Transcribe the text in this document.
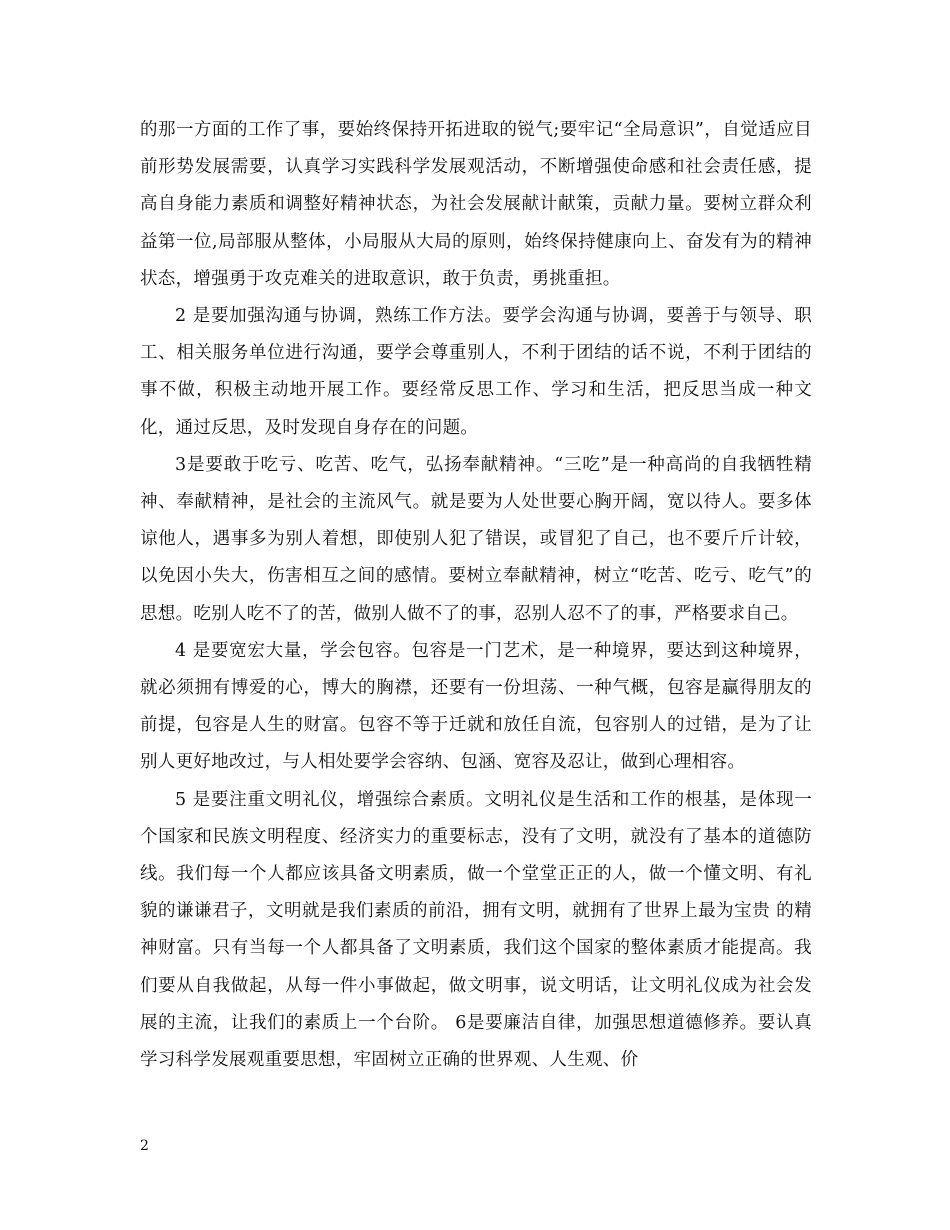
的那一方面的工作了事，要始终保持开拓进取的锐气;要牢记“全局意识”，自觉适应目前形势发展需要，认真学习实践科学发展观活动，不断增强使命感和社会责任感，提高自身能力素质和调整好精神状态，为社会发展献计献策，贡献力量。要树立群众利益第一位,局部服从整体，小局服从大局的原则，始终保持健康向上、奋发有为的精神状态，增强勇于攻克难关的进取意识，敢于负责，勇挑重担。

2 是要加强沟通与协调，熟练工作方法。要学会沟通与协调，要善于与领导、职工、相关服务单位进行沟通，要学会尊重别人，不利于团结的话不说，不利于团结的事不做，积极主动地开展工作。要经常反思工作、学习和生活，把反思当成一种文化，通过反思，及时发现自身存在的问题。

3是要敢于吃亏、吃苦、吃气，弘扬奉献精神。“三吃”是一种高尚的自我牺牲精神、奉献精神，是社会的主流风气。就是要为人处世要心胸开阔，宽以待人。要多体谅他人，遇事多为别人着想，即使别人犯了错误，或冒犯了自己，也不要斤斤计较，以免因小失大，伤害相互之间的感情。要树立奉献精神，树立“吃苦、吃亏、吃气”的思想。吃别人吃不了的苦，做别人做不了的事，忍别人忍不了的事，严格要求自己。

4 是要宽宏大量，学会包容。包容是一门艺术，是一种境界，要达到这种境界，就必须拥有博爱的心，博大的胸襟，还要有一份坦荡、一种气概，包容是赢得朋友的前提，包容是人生的财富。包容不等于迁就和放任自流，包容别人的过错，是为了让别人更好地改过，与人相处要学会容纳、包涵、宽容及忍让，做到心理相容。

5 是要注重文明礼仪，增强综合素质。文明礼仪是生活和工作的根基，是体现一个国家和民族文明程度、经济实力的重要标志，没有了文明，就没有了基本的道德防线。我们每一个人都应该具备文明素质，做一个堂堂正正的人，做一个懂文明、有礼貌的谦谦君子，文明就是我们素质的前沿，拥有文明，就拥有了世界上最为宝贵 的精神财富。只有当每一个人都具备了文明素质，我们这个国家的整体素质才能提高。我们要从自我做起，从每一件小事做起，做文明事，说文明话，让文明礼仪成为社会发展的主流，让我们的素质上一个台阶。 6是要廉洁自律，加强思想道德修养。要认真学习科学发展观重要思想，牢固树立正确的世界观、人生观、价

2
